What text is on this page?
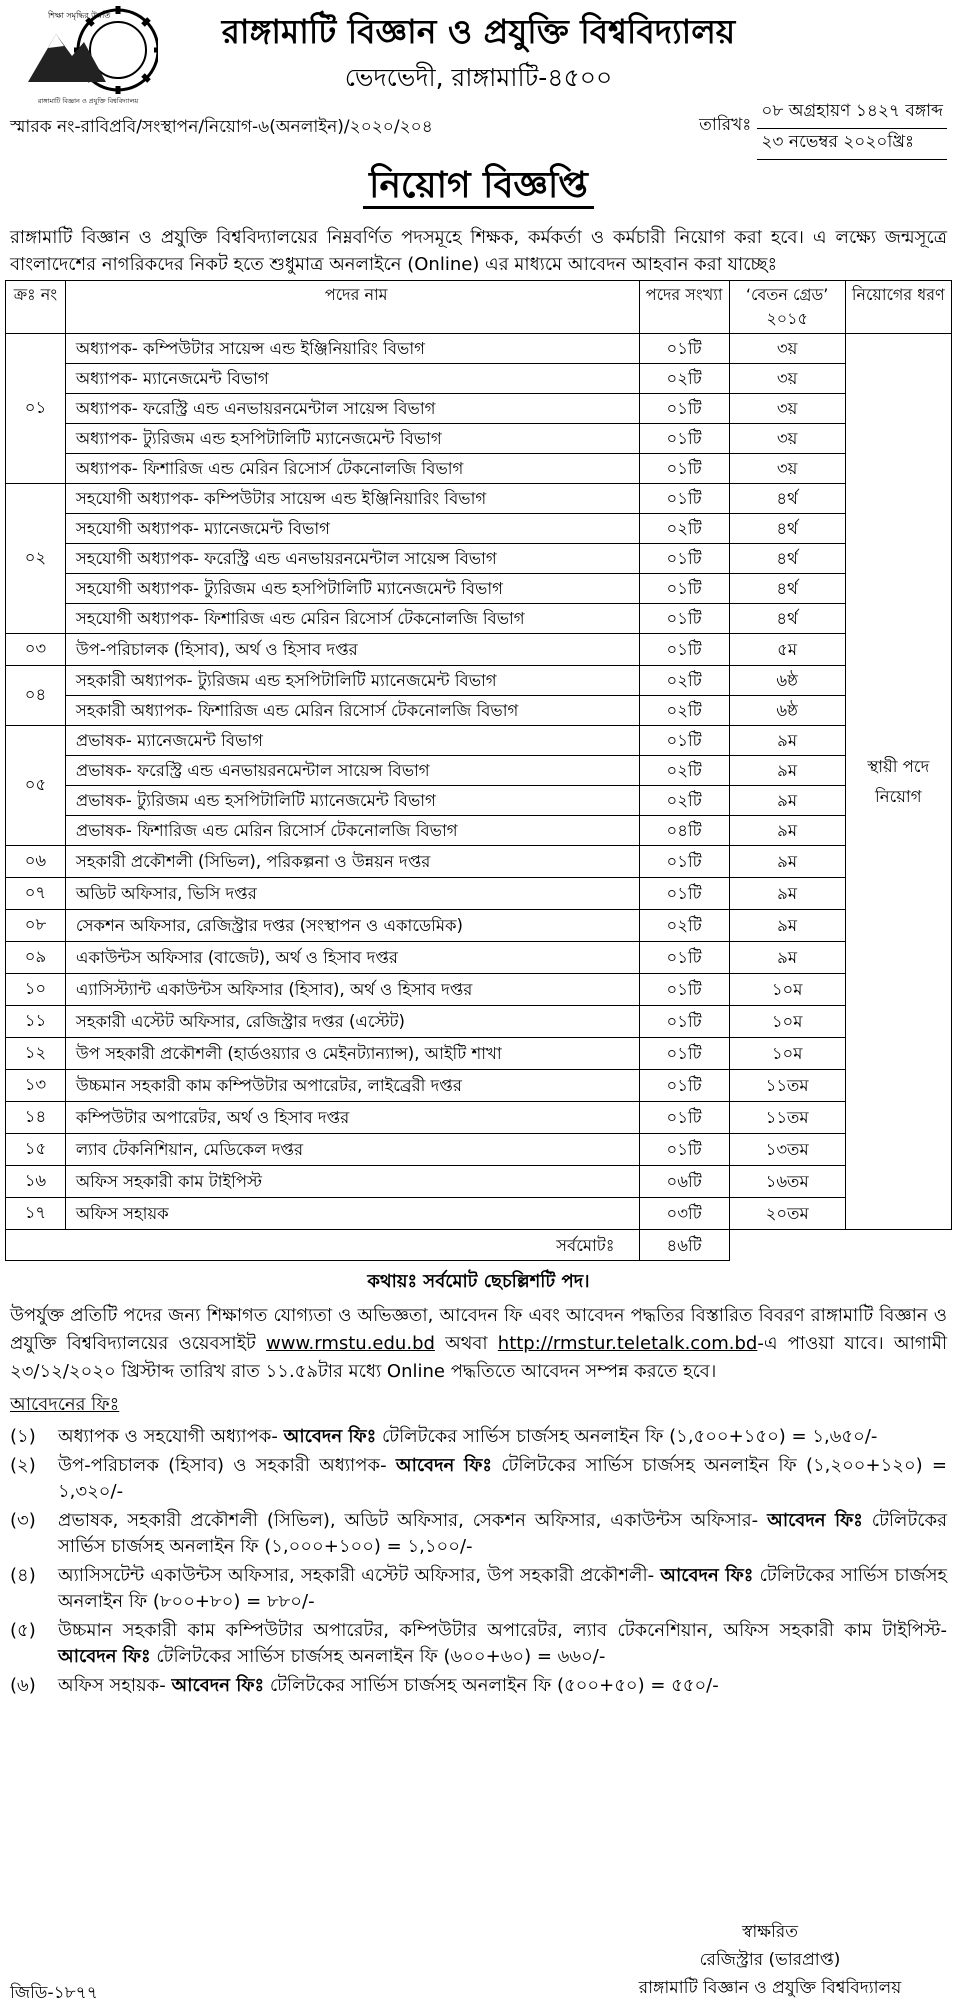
শিক্ষা সমৃদ্ধির উন্নতি
রাঙ্গামাটি বিজ্ঞান ও প্রযুক্তি বিশ্ববিদ্যালয়
রাঙ্গামাটি বিজ্ঞান ও প্রযুক্তি বিশ্ববিদ্যালয়
ভেদভেদী, রাঙ্গামাটি-৪৫০০
স্মারক নং-রাবিপ্রবি/সংস্থাপন/নিয়োগ-৬(অনলাইন)/২০২০/২০৪	তারিখঃ
০৮ অগ্রহায়ণ ১৪২৭ বঙ্গাব্দ
২৩ নভেম্বর ২০২০খ্রিঃ
নিয়োগ বিজ্ঞপ্তি
রাঙ্গামাটি বিজ্ঞান ও প্রযুক্তি বিশ্ববিদ্যালয়ের নিম্নবর্ণিত পদসমূহে শিক্ষক, কর্মকর্তা ও কর্মচারী নিয়োগ করা হবে। এ লক্ষ্যে জন্মসূত্রে বাংলাদেশের নাগরিকদের নিকট হতে শুধুমাত্র অনলাইনে (Online) এর মাধ্যমে আবেদন আহবান করা যাচ্ছেঃ
ক্রঃ নং	পদের নাম	পদের সংখ্যা	‘বেতন গ্রেড’ ২০১৫	নিয়োগের ধরণ
০১	অধ্যাপক- কম্পিউটার সায়েন্স এন্ড ইঞ্জিনিয়ারিং বিভাগ	০১টি	৩য়	স্থায়ী পদে নিয়োগ
	অধ্যাপক- ম্যানেজমেন্ট বিভাগ	০২টি	৩য়	
	অধ্যাপক- ফরেস্ট্রি এন্ড এনভায়রনমেন্টাল সায়েন্স বিভাগ	০১টি	৩য়	
	অধ্যাপক- ট্যুরিজম এন্ড হসপিটালিটি ম্যানেজমেন্ট বিভাগ	০১টি	৩য়	
	অধ্যাপক- ফিশারিজ এন্ড মেরিন রিসোর্স টেকনোলজি বিভাগ	০১টি	৩য়	
০২	সহযোগী অধ্যাপক- কম্পিউটার সায়েন্স এন্ড ইঞ্জিনিয়ারিং বিভাগ	০১টি	৪র্থ	
	সহযোগী অধ্যাপক- ম্যানেজমেন্ট বিভাগ	০২টি	৪র্থ	
	সহযোগী অধ্যাপক- ফরেস্ট্রি এন্ড এনভায়রনমেন্টাল সায়েন্স বিভাগ	০১টি	৪র্থ	
	সহযোগী অধ্যাপক- ট্যুরিজম এন্ড হসপিটালিটি ম্যানেজমেন্ট বিভাগ	০১টি	৪র্থ	
	সহযোগী অধ্যাপক- ফিশারিজ এন্ড মেরিন রিসোর্স টেকনোলজি বিভাগ	০১টি	৪র্থ	
০৩	উপ-পরিচালক (হিসাব), অর্থ ও হিসাব দপ্তর	০১টি	৫ম	
০৪	সহকারী অধ্যাপক- ট্যুরিজম এন্ড হসপিটালিটি ম্যানেজমেন্ট বিভাগ	০২টি	৬ষ্ঠ	
	সহকারী অধ্যাপক- ফিশারিজ এন্ড মেরিন রিসোর্স টেকনোলজি বিভাগ	০২টি	৬ষ্ঠ	
০৫	প্রভাষক- ম্যানেজমেন্ট বিভাগ	০১টি	৯ম	
	প্রভাষক- ফরেস্ট্রি এন্ড এনভায়রনমেন্টাল সায়েন্স বিভাগ	০২টি	৯ম	
	প্রভাষক- ট্যুরিজম এন্ড হসপিটালিটি ম্যানেজমেন্ট বিভাগ	০২টি	৯ম	
	প্রভাষক- ফিশারিজ এন্ড মেরিন রিসোর্স টেকনোলজি বিভাগ	০৪টি	৯ম	
০৬	সহকারী প্রকৌশলী (সিভিল), পরিকল্পনা ও উন্নয়ন দপ্তর	০১টি	৯ম	
০৭	অডিট অফিসার, ভিসি দপ্তর	০১টি	৯ম	
০৮	সেকশন অফিসার, রেজিস্ট্রার দপ্তর (সংস্থাপন ও একাডেমিক)	০২টি	৯ম	
০৯	একাউন্টস অফিসার (বাজেট), অর্থ ও হিসাব দপ্তর	০১টি	৯ম	
১০	এ্যাসিস্ট্যান্ট একাউন্টস অফিসার (হিসাব), অর্থ ও হিসাব দপ্তর	০১টি	১০ম	
১১	সহকারী এস্টেট অফিসার, রেজিস্ট্রার দপ্তর (এস্টেট)	০১টি	১০ম	
১২	উপ সহকারী প্রকৌশলী (হার্ডওয়্যার ও মেইনট্যান্যান্স), আইটি শাখা	০১টি	১০ম	
১৩	উচ্চমান সহকারী কাম কম্পিউটার অপারেটর, লাইব্রেরী দপ্তর	০১টি	১১তম	
১৪	কম্পিউটার অপারেটর, অর্থ ও হিসাব দপ্তর	০১টি	১১তম	
১৫	ল্যাব টেকনিশিয়ান, মেডিকেল দপ্তর	০১টি	১৩তম	
১৬	অফিস সহকারী কাম টাইপিস্ট	০৬টি	১৬তম	
১৭	অফিস সহায়ক	০৩টি	২০তম	
সর্বমোটঃ		৪৬টি		
কথায়ঃ সর্বমোট ছেচল্লিশটি পদ।
উপর্যুক্ত প্রতিটি পদের জন্য শিক্ষাগত যোগ্যতা ও অভিজ্ঞতা, আবেদন ফি এবং আবেদন পদ্ধতির বিস্তারিত বিবরণ রাঙ্গামাটি বিজ্ঞান ও প্রযুক্তি বিশ্ববিদ্যালয়ের ওয়েবসাইট www.rmstu.edu.bd অথবা http://rmstur.teletalk.com.bd-এ পাওয়া যাবে। আগামী ২৩/১২/২০২০ খ্রিস্টাব্দ তারিখ রাত ১১.৫৯টার মধ্যে Online পদ্ধতিতে আবেদন সম্পন্ন করতে হবে।
আবেদনের ফিঃ
(১)	অধ্যাপক ও সহযোগী অধ্যাপক- আবেদন ফিঃ টেলিটকের সার্ভিস চার্জসহ অনলাইন ফি (১,৫০০+১৫০) = ১,৬৫০/-
(২)	উপ-পরিচালক (হিসাব) ও সহকারী অধ্যাপক- আবেদন ফিঃ টেলিটকের সার্ভিস চার্জসহ অনলাইন ফি (১,২০০+১২০) = ১,৩২০/-
(৩)	প্রভাষক, সহকারী প্রকৌশলী (সিভিল), অডিট অফিসার, সেকশন অফিসার, একাউন্টস অফিসার- আবেদন ফিঃ টেলিটকের সার্ভিস চার্জসহ অনলাইন ফি (১,০০০+১০০) = ১,১০০/-
(৪)	অ্যাসিসটেন্ট একাউন্টস অফিসার, সহকারী এস্টেট অফিসার, উপ সহকারী প্রকৌশলী- আবেদন ফিঃ টেলিটকের সার্ভিস চার্জসহ অনলাইন ফি (৮০০+৮০) = ৮৮০/-
(৫)	উচ্চমান সহকারী কাম কম্পিউটার অপারেটর, কম্পিউটার অপারেটর, ল্যাব টেকনেশিয়ান, অফিস সহকারী কাম টাইপিস্ট- আবেদন ফিঃ টেলিটকের সার্ভিস চার্জসহ অনলাইন ফি (৬০০+৬০) = ৬৬০/-
(৬)	অফিস সহায়ক- আবেদন ফিঃ টেলিটকের সার্ভিস চার্জসহ অনলাইন ফি (৫০০+৫০) = ৫৫০/-
স্বাক্ষরিত
রেজিস্ট্রার (ভারপ্রাপ্ত)
রাঙ্গামাটি বিজ্ঞান ও প্রযুক্তি বিশ্ববিদ্যালয়
জিডি-১৮৭৭
